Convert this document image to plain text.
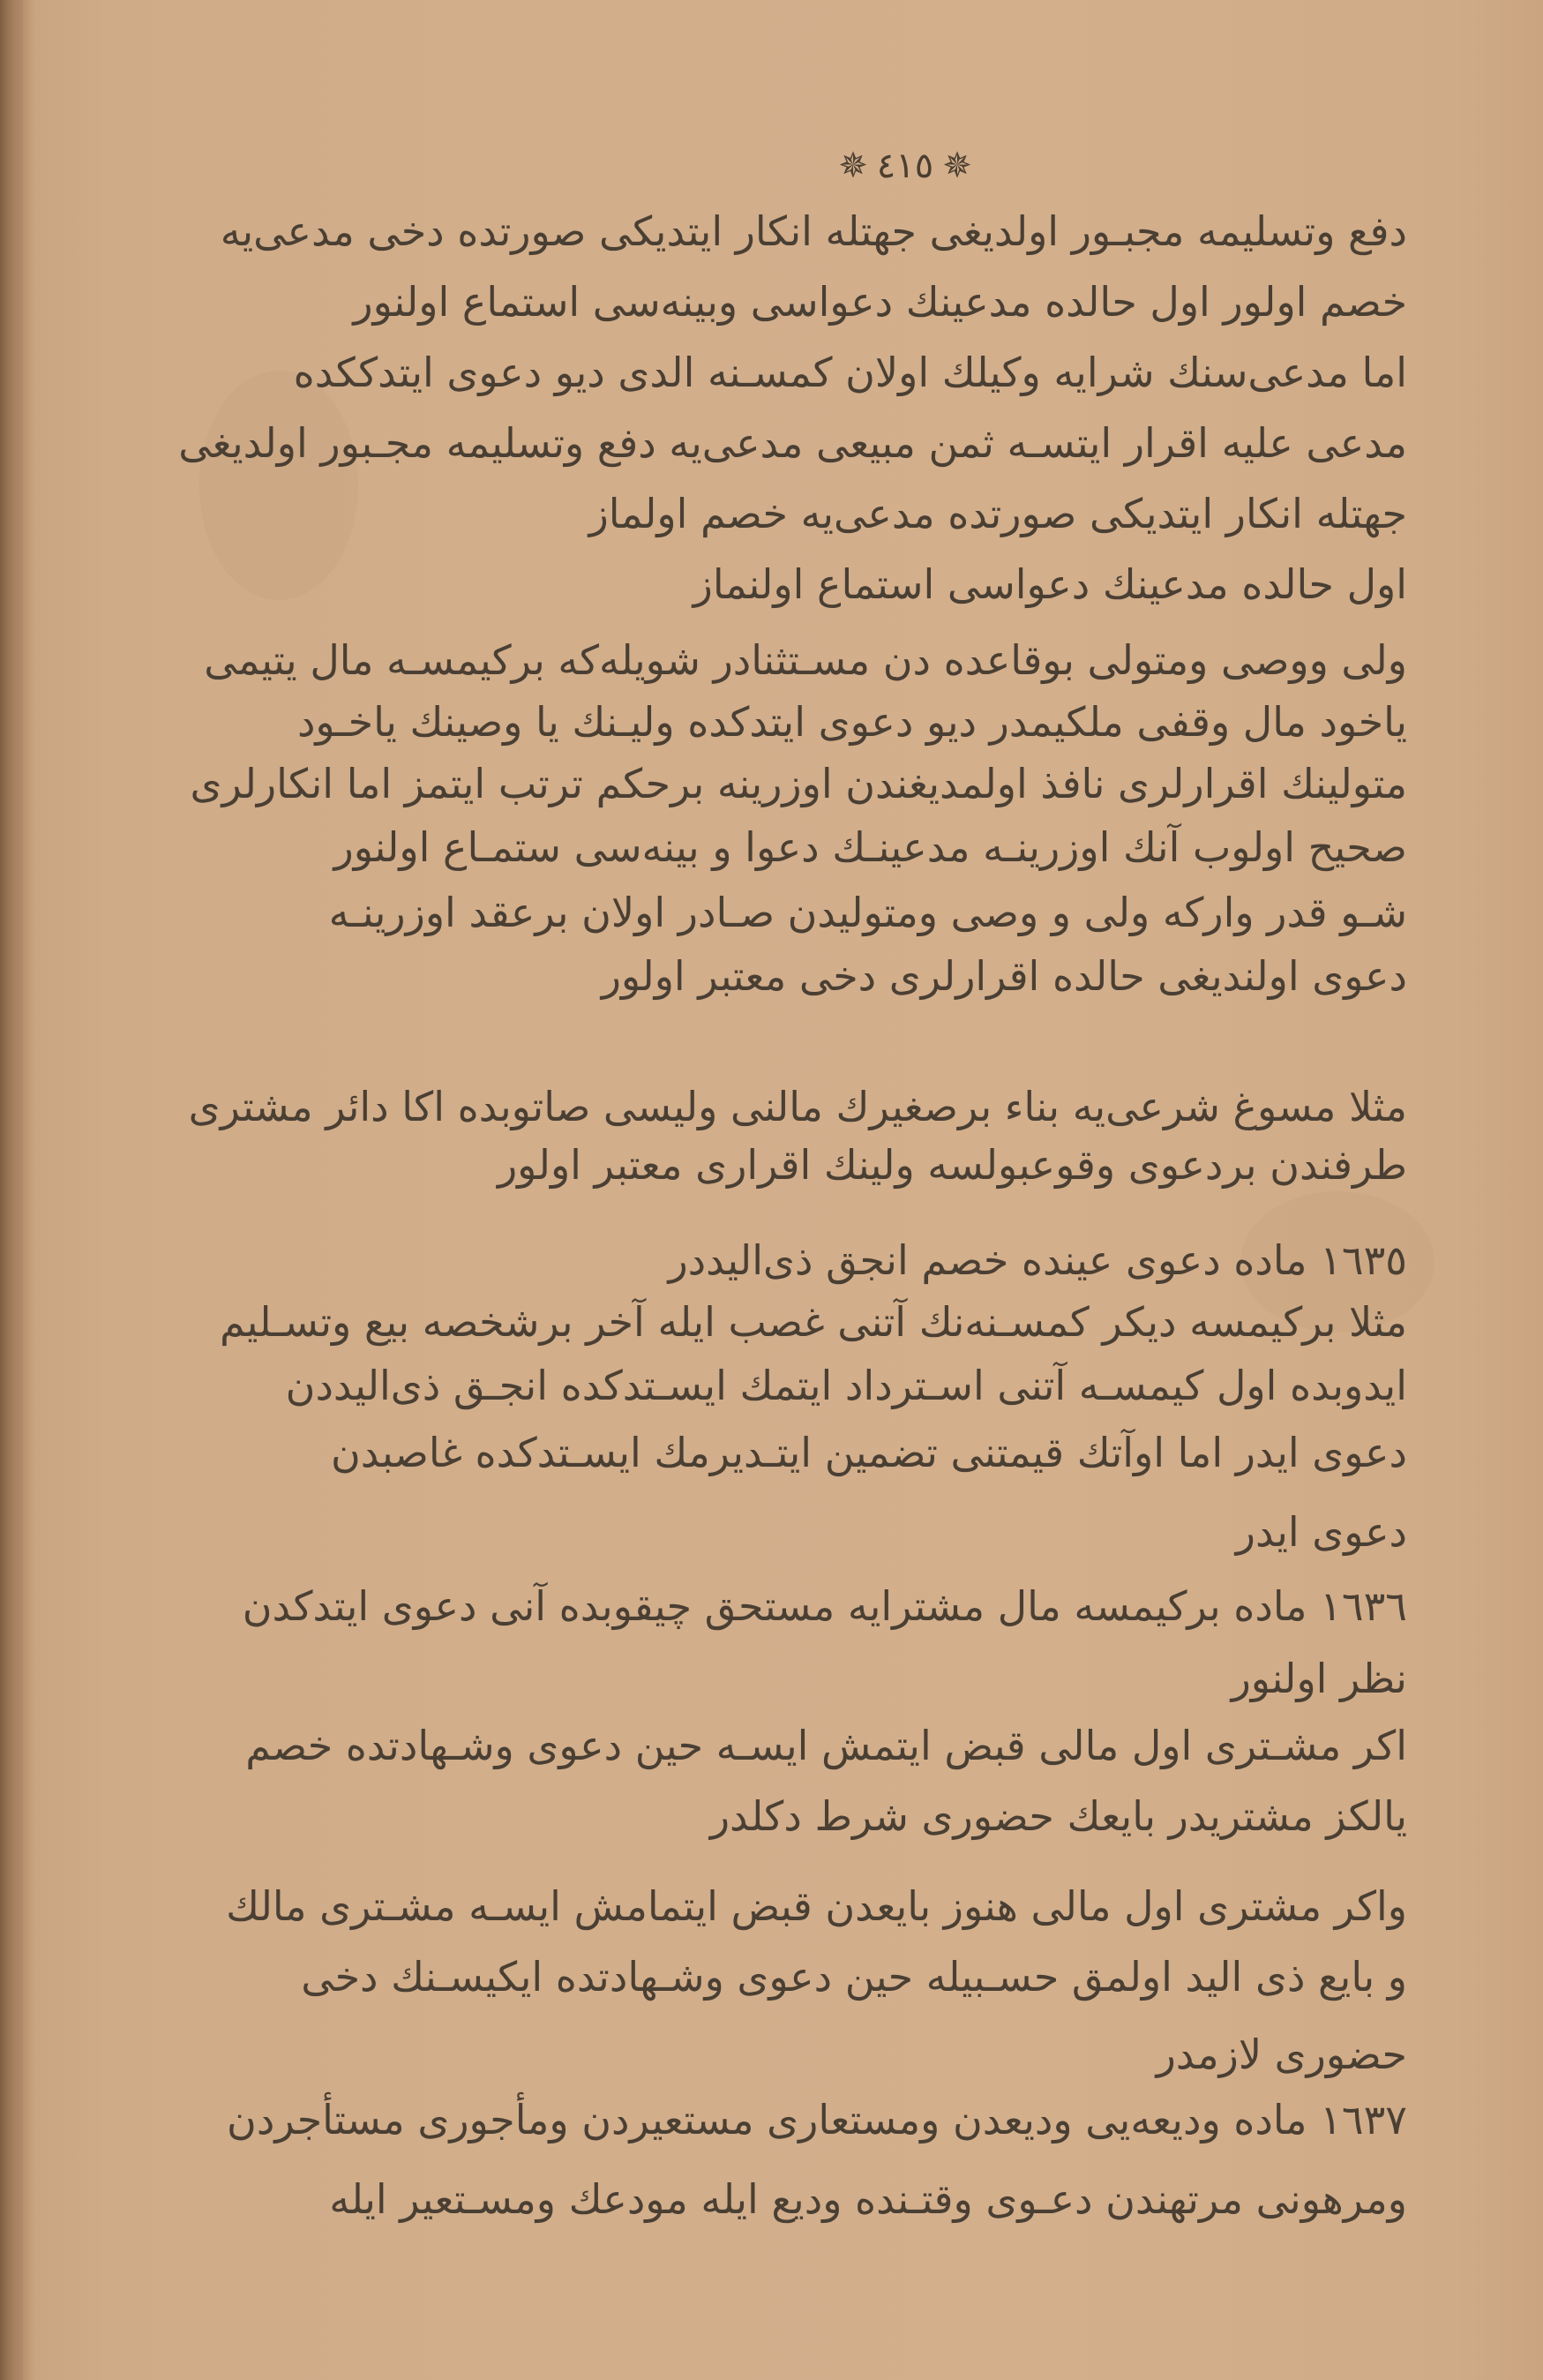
✵ ٤١٥ ✵
دفع وتسلیمه مجبـور اولدیغی جهتله انکار ایتدیکی صورتده دخی مدعی‌یه
خصم اولور اول حالده مدعینك دعواسی وبینه‌سی استماع اولنور
اما مدعی‌سنك شرایه وکیلك اولان کمسـنه الدی دیو دعوی ایتدککده
مدعی علیه اقرار ایتسـه ثمن مبیعی مدعی‌یه دفع وتسلیمه مجـبور اولدیغی
جهتله انکار ایتدیکی صورتده مدعی‌یه خصم اولماز
اول حالده مدعینك دعواسی استماع اولنماز
ولی ووصی ومتولی بوقاعده دن مسـتثنادر شویله‌که برکیمسـه مال یتیمی
یاخود مال وقفی ملکیمدر دیو دعوی ایتدکده ولیـنك یا وصینك یاخـود
متولینك اقرارلری نافذ اولمدیغندن اوزرینه برحکم ترتب ایتمز اما انکارلری
صحیح اولوب آنك اوزرینـه مدعینـك دعوا و بینه‌سی ستمـاع اولنور
شـو قدر وارکه ولی و وصی ومتولیدن صـادر اولان برعقد اوزرینـه
دعوی اولندیغی حالده اقرارلری دخی معتبر اولور
مثلا مسوغ شرعی‌یه بناء برصغیرك مالنی ولیسی صاتوبده اکا دائر مشتری
طرفندن بردعوی وقوعبولسه ولینك اقراری معتبر اولور
١٦٣٥ ماده دعوی عینده خصم انجق ذی‌الیددر
مثلا برکیمسه دیکر کمسـنه‌نك آتنی غصب ایله آخر برشخصه بیع وتسـلیم
ایدوبده اول کیمسـه آتنی اسـترداد ایتمك ایسـتدکده انجـق ذی‌الیددن
دعوی ایدر اما اوآتك قیمتنی تضمین ایتـدیرمك ایسـتدکده غاصبدن
دعوی ایدر
١٦٣٦ ماده برکیمسه مال مشترایه مستحق چیقوبده آنی دعوی ایتدکدن
نظر اولنور
اکر مشـتری اول مالی قبض ایتمش ایسـه حین دعوی وشـهادتده خصم
یالکز مشتریدر بایعك حضوری شرط دکلدر
واکر مشتری اول مالی هنوز بایعدن قبض ایتمامش ایسـه مشـتری مالك
و بایع ذی الید اولمق حسـبیله حین دعوی وشـهادتده ایکیسـنك دخی
حضوری لازمدر
١٦٣٧ ماده ودیعه‌یی ودیعدن ومستعاری مستعیردن ومأجوری مستأجردن
ومرهونی مرتهندن دعـوی وقتـنده ودیع ایله مودعك ومسـتعیر ایله
